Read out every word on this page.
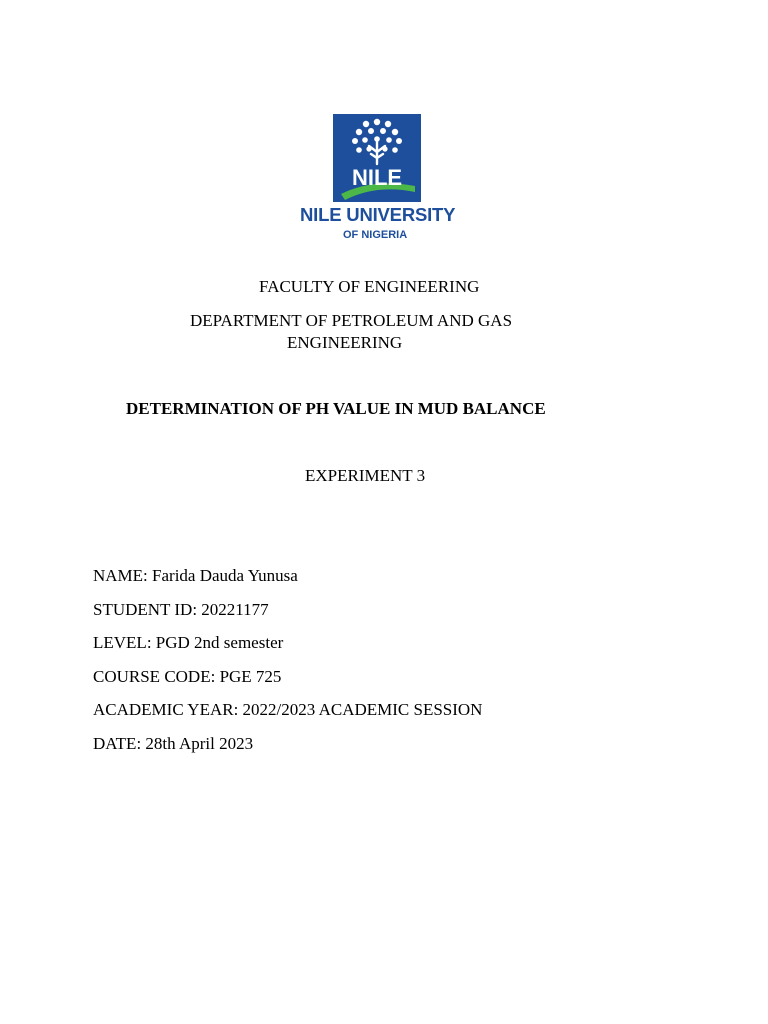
NILE
NILE UNIVERSITY
OF NIGERIA
FACULTY OF ENGINEERING
DEPARTMENT OF PETROLEUM AND GAS
ENGINEERING
DETERMINATION OF PH VALUE IN MUD BALANCE
EXPERIMENT 3
NAME: Farida Dauda Yunusa
STUDENT ID: 20221177
LEVEL: PGD 2nd semester
COURSE CODE: PGE 725
ACADEMIC YEAR: 2022/2023 ACADEMIC SESSION
DATE: 28th April 2023
